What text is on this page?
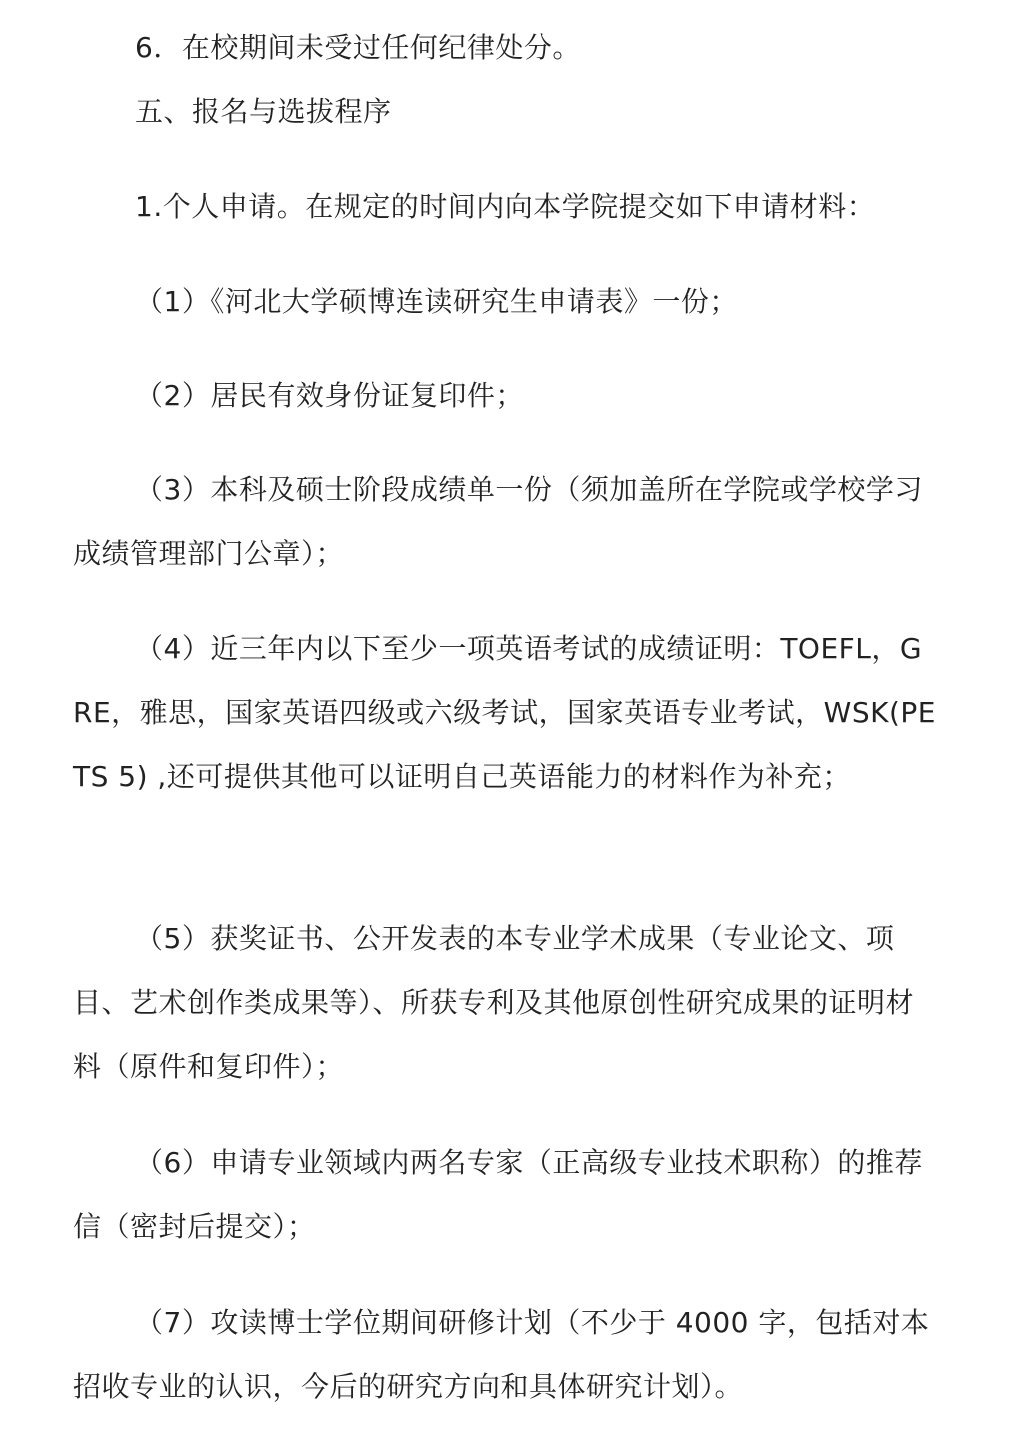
6．在校期间未受过任何纪律处分。

五、报名与选拔程序

1.个人申请。在规定的时间内向本学院提交如下申请材料：

（1）《河北大学硕博连读研究生申请表》一份；

（2）居民有效身份证复印件；

（3）本科及硕士阶段成绩单一份（须加盖所在学院或学校学习成绩管理部门公章）；

（4）近三年内以下至少一项英语考试的成绩证明：TOEFL，GRE，雅思，国家英语四级或六级考试，国家英语专业考试，WSK(PETS 5) ,还可提供其他可以证明自己英语能力的材料作为补充；

（5）获奖证书、公开发表的本专业学术成果（专业论文、项目、艺术创作类成果等）、所获专利及其他原创性研究成果的证明材料（原件和复印件）；

（6）申请专业领域内两名专家（正高级专业技术职称）的推荐信（密封后提交）；

（7）攻读博士学位期间研修计划（不少于 4000 字，包括对本招收专业的认识，今后的研究方向和具体研究计划）。
